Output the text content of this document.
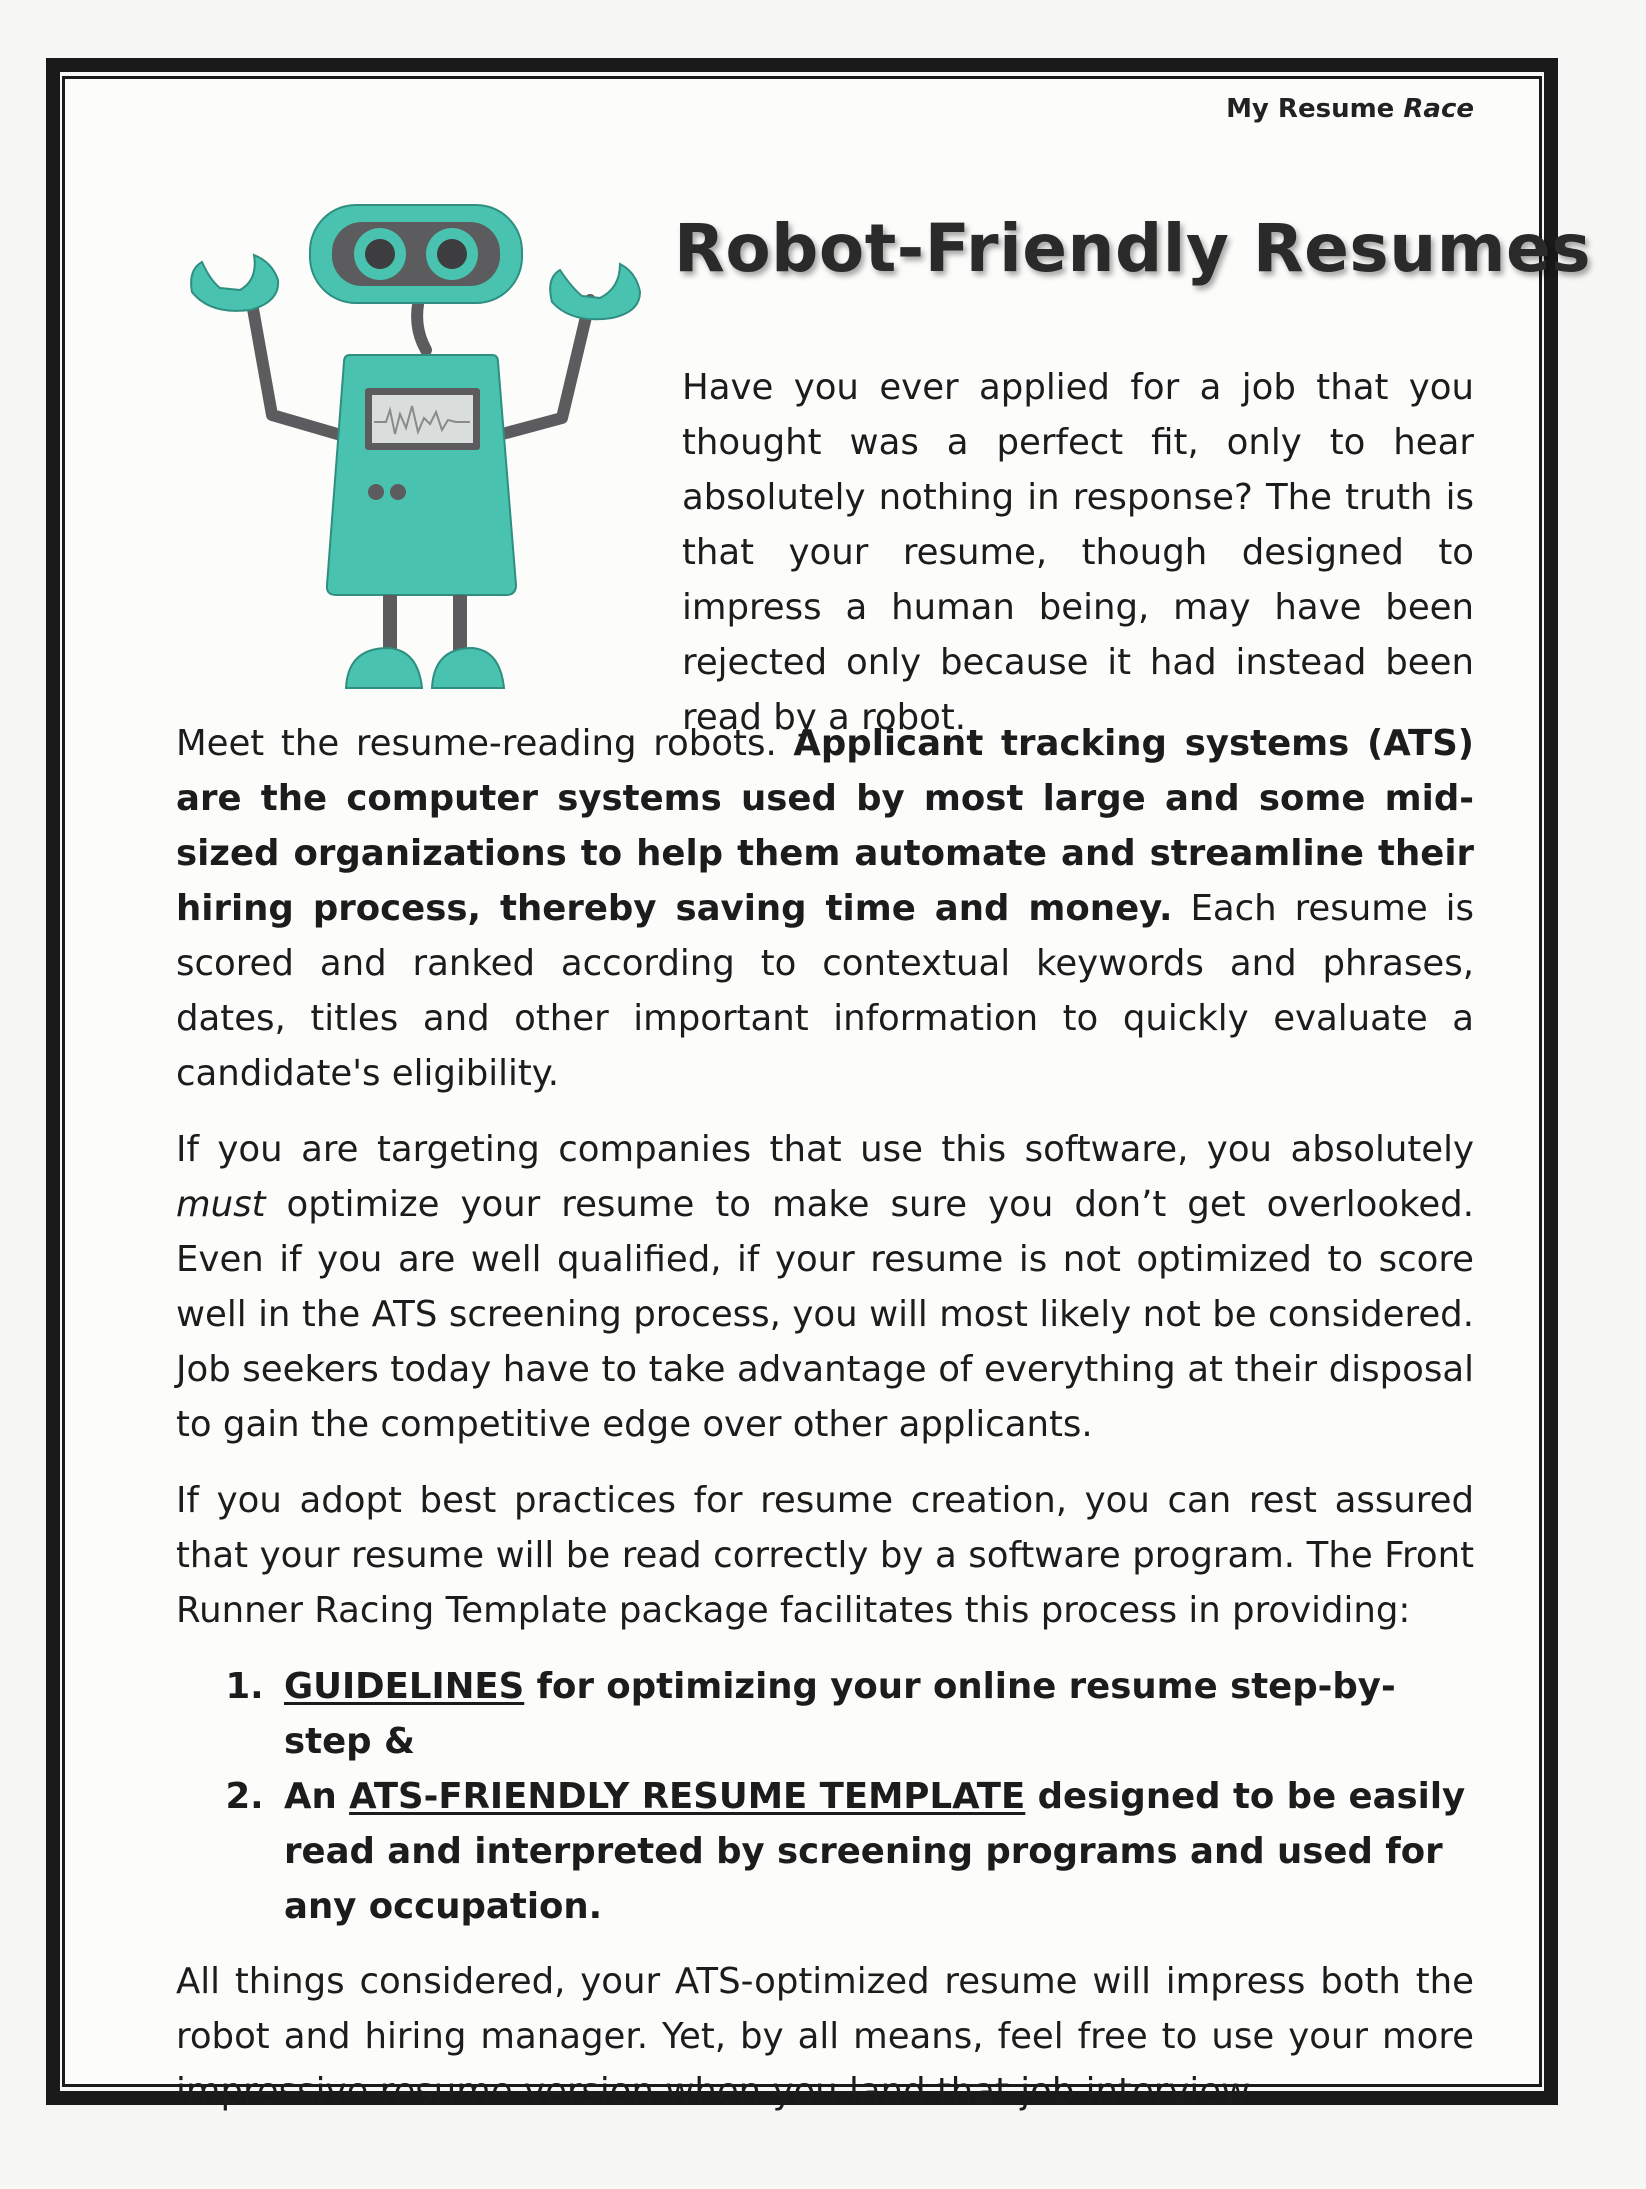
My Resume Race
Robot-Friendly Resumes
Have you ever applied for a job that you thought was a perfect fit, only to hear absolutely nothing in response? The truth is that your resume, though designed to impress a human being, may have been rejected only because it had instead been read by a robot.

Meet the resume-reading robots. Applicant tracking systems (ATS) are the computer systems used by most large and some mid-sized organizations to help them automate and streamline their hiring process, thereby saving time and money. Each resume is scored and ranked according to contextual keywords and phrases, dates, titles and other important information to quickly evaluate a candidate's eligibility.

If you are targeting companies that use this software, you absolutely must optimize your resume to make sure you don’t get overlooked. Even if you are well qualified, if your resume is not optimized to score well in the ATS screening process, you will most likely not be considered. Job seekers today have to take advantage of everything at their disposal to gain the competitive edge over other applicants.

If you adopt best practices for resume creation, you can rest assured that your resume will be read correctly by a software program. The Front Runner Racing Template package facilitates this process in providing:

1. GUIDELINES for optimizing your online resume step-by-step &
2. An ATS-FRIENDLY RESUME TEMPLATE designed to be easily read and interpreted by screening programs and used for any occupation.

All things considered, your ATS-optimized resume will impress both the robot and hiring manager. Yet, by all means, feel free to use your more impressive resume version when you land that job interview.
